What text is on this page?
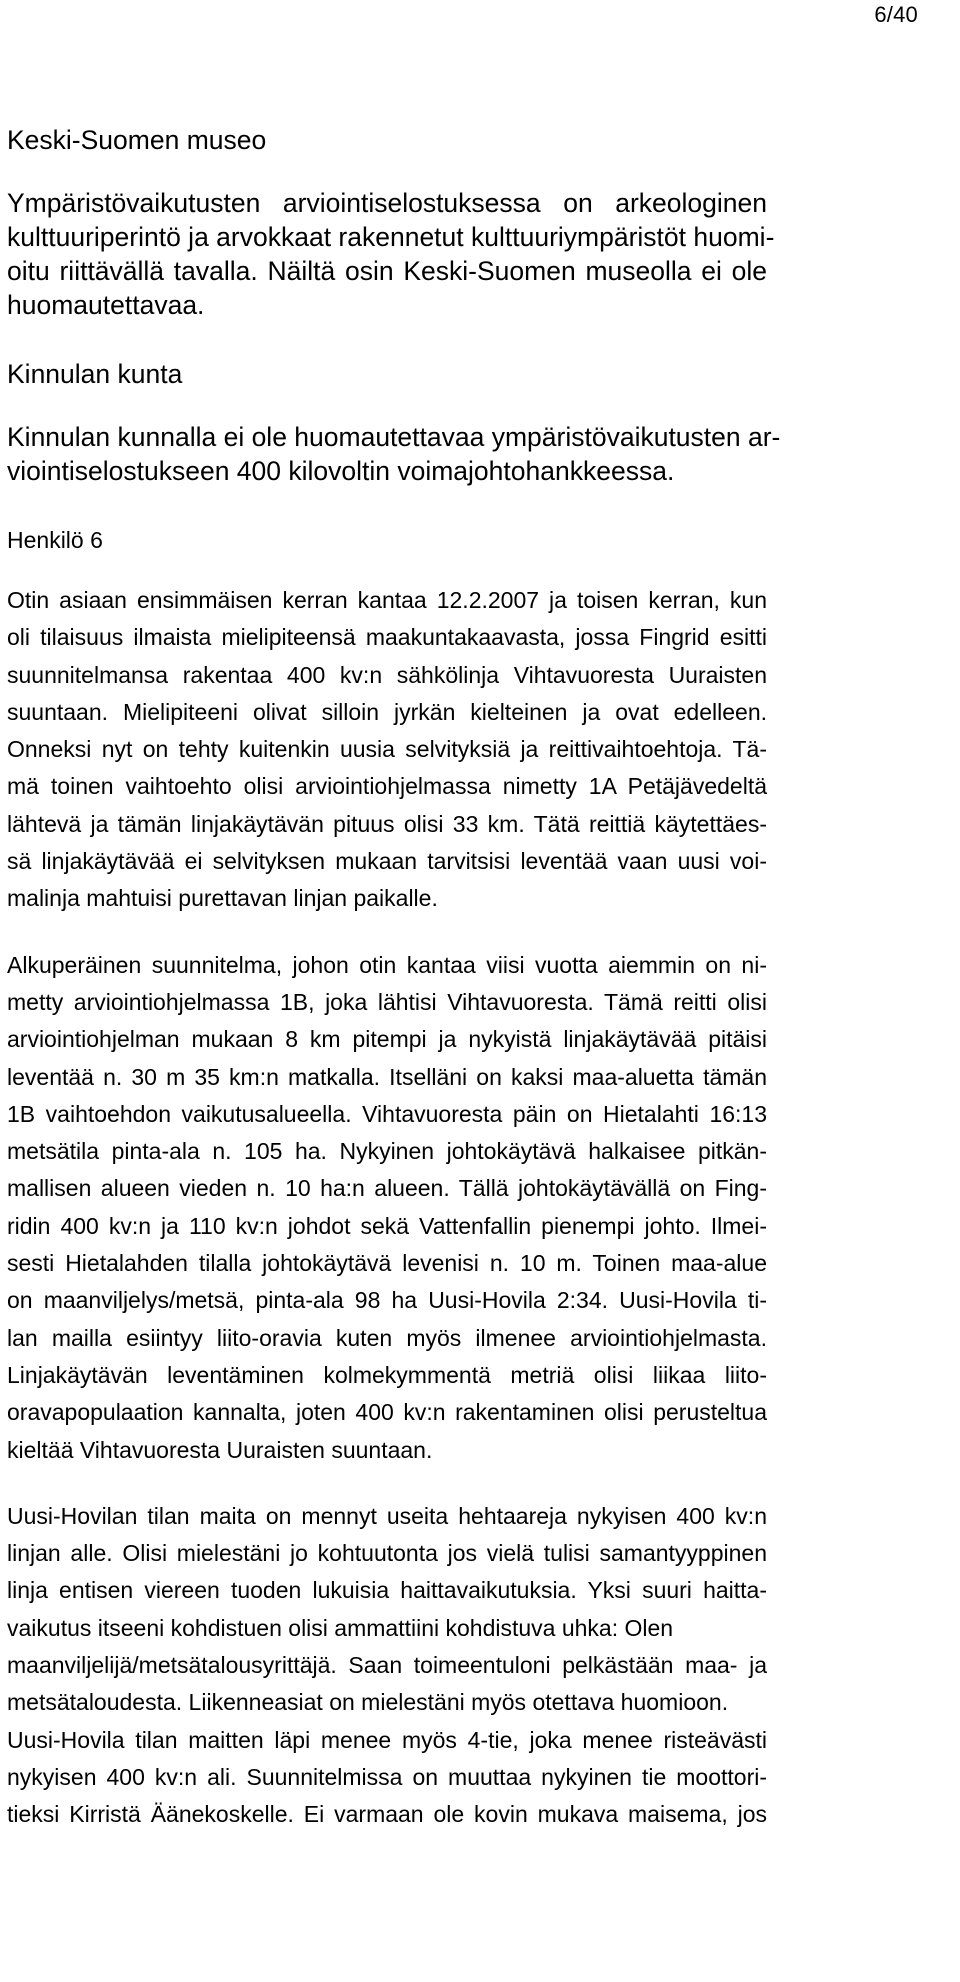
6/40
Keski-Suomen museo
Ympäristövaikutusten arviointiselostuksessa on arkeologinen
kulttuuriperintö ja arvokkaat rakennetut kulttuuriympäristöt huomi-
oitu riittävällä tavalla. Näiltä osin Keski-Suomen museolla ei ole
huomautettavaa.
Kinnulan kunta
Kinnulan kunnalla ei ole huomautettavaa ympäristövaikutusten ar-
viointiselostukseen 400 kilovoltin voimajohtohankkeessa.
Henkilö 6
Otin asiaan ensimmäisen kerran kantaa 12.2.2007 ja toisen kerran, kun
oli tilaisuus ilmaista mielipiteensä maakuntakaavasta, jossa Fingrid esitti
suunnitelmansa rakentaa 400 kv:n sähkölinja Vihtavuoresta Uuraisten
suuntaan. Mielipiteeni olivat silloin jyrkän kielteinen ja ovat edelleen.
Onneksi nyt on tehty kuitenkin uusia selvityksiä ja reittivaihtoehtoja. Tä-
mä toinen vaihtoehto olisi arviointiohjelmassa nimetty 1A Petäjävedeltä
lähtevä ja tämän linjakäytävän pituus olisi 33 km. Tätä reittiä käytettäes-
sä linjakäytävää ei selvityksen mukaan tarvitsisi leventää vaan uusi voi-
malinja mahtuisi purettavan linjan paikalle.
Alkuperäinen suunnitelma, johon otin kantaa viisi vuotta aiemmin on ni-
metty arviointiohjelmassa 1B, joka lähtisi Vihtavuoresta. Tämä reitti olisi
arviointiohjelman mukaan 8 km pitempi ja nykyistä linjakäytävää pitäisi
leventää n. 30 m 35 km:n matkalla. Itselläni on kaksi maa-aluetta tämän
1B vaihtoehdon vaikutusalueella. Vihtavuoresta päin on Hietalahti 16:13
metsätila pinta-ala n. 105 ha. Nykyinen johtokäytävä halkaisee pitkän-
mallisen alueen vieden n. 10 ha:n alueen. Tällä johtokäytävällä on Fing-
ridin 400 kv:n ja 110 kv:n johdot sekä Vattenfallin pienempi johto. Ilmei-
sesti Hietalahden tilalla johtokäytävä levenisi n. 10 m. Toinen maa-alue
on maanviljelys/metsä, pinta-ala 98 ha Uusi-Hovila 2:34. Uusi-Hovila ti-
lan mailla esiintyy liito-oravia kuten myös ilmenee arviointiohjelmasta.
Linjakäytävän leventäminen kolmekymmentä metriä olisi liikaa liito-
oravapopulaation kannalta, joten 400 kv:n rakentaminen olisi perusteltua
kieltää Vihtavuoresta Uuraisten suuntaan.
Uusi-Hovilan tilan maita on mennyt useita hehtaareja nykyisen 400 kv:n
linjan alle. Olisi mielestäni jo kohtuutonta jos vielä tulisi samantyyppinen
linja entisen viereen tuoden lukuisia haittavaikutuksia. Yksi suuri haitta-
vaikutus itseeni kohdistuen olisi ammattiini kohdistuva uhka: Olen
maanviljelijä/metsätalousyrittäjä. Saan toimeentuloni pelkästään maa- ja
metsätaloudesta. Liikenneasiat on mielestäni myös otettava huomioon.
Uusi-Hovila tilan maitten läpi menee myös 4-tie, joka menee risteävästi
nykyisen 400 kv:n ali. Suunnitelmissa on muuttaa nykyinen tie moottori-
tieksi Kirristä Äänekoskelle. Ei varmaan ole kovin mukava maisema, jos
